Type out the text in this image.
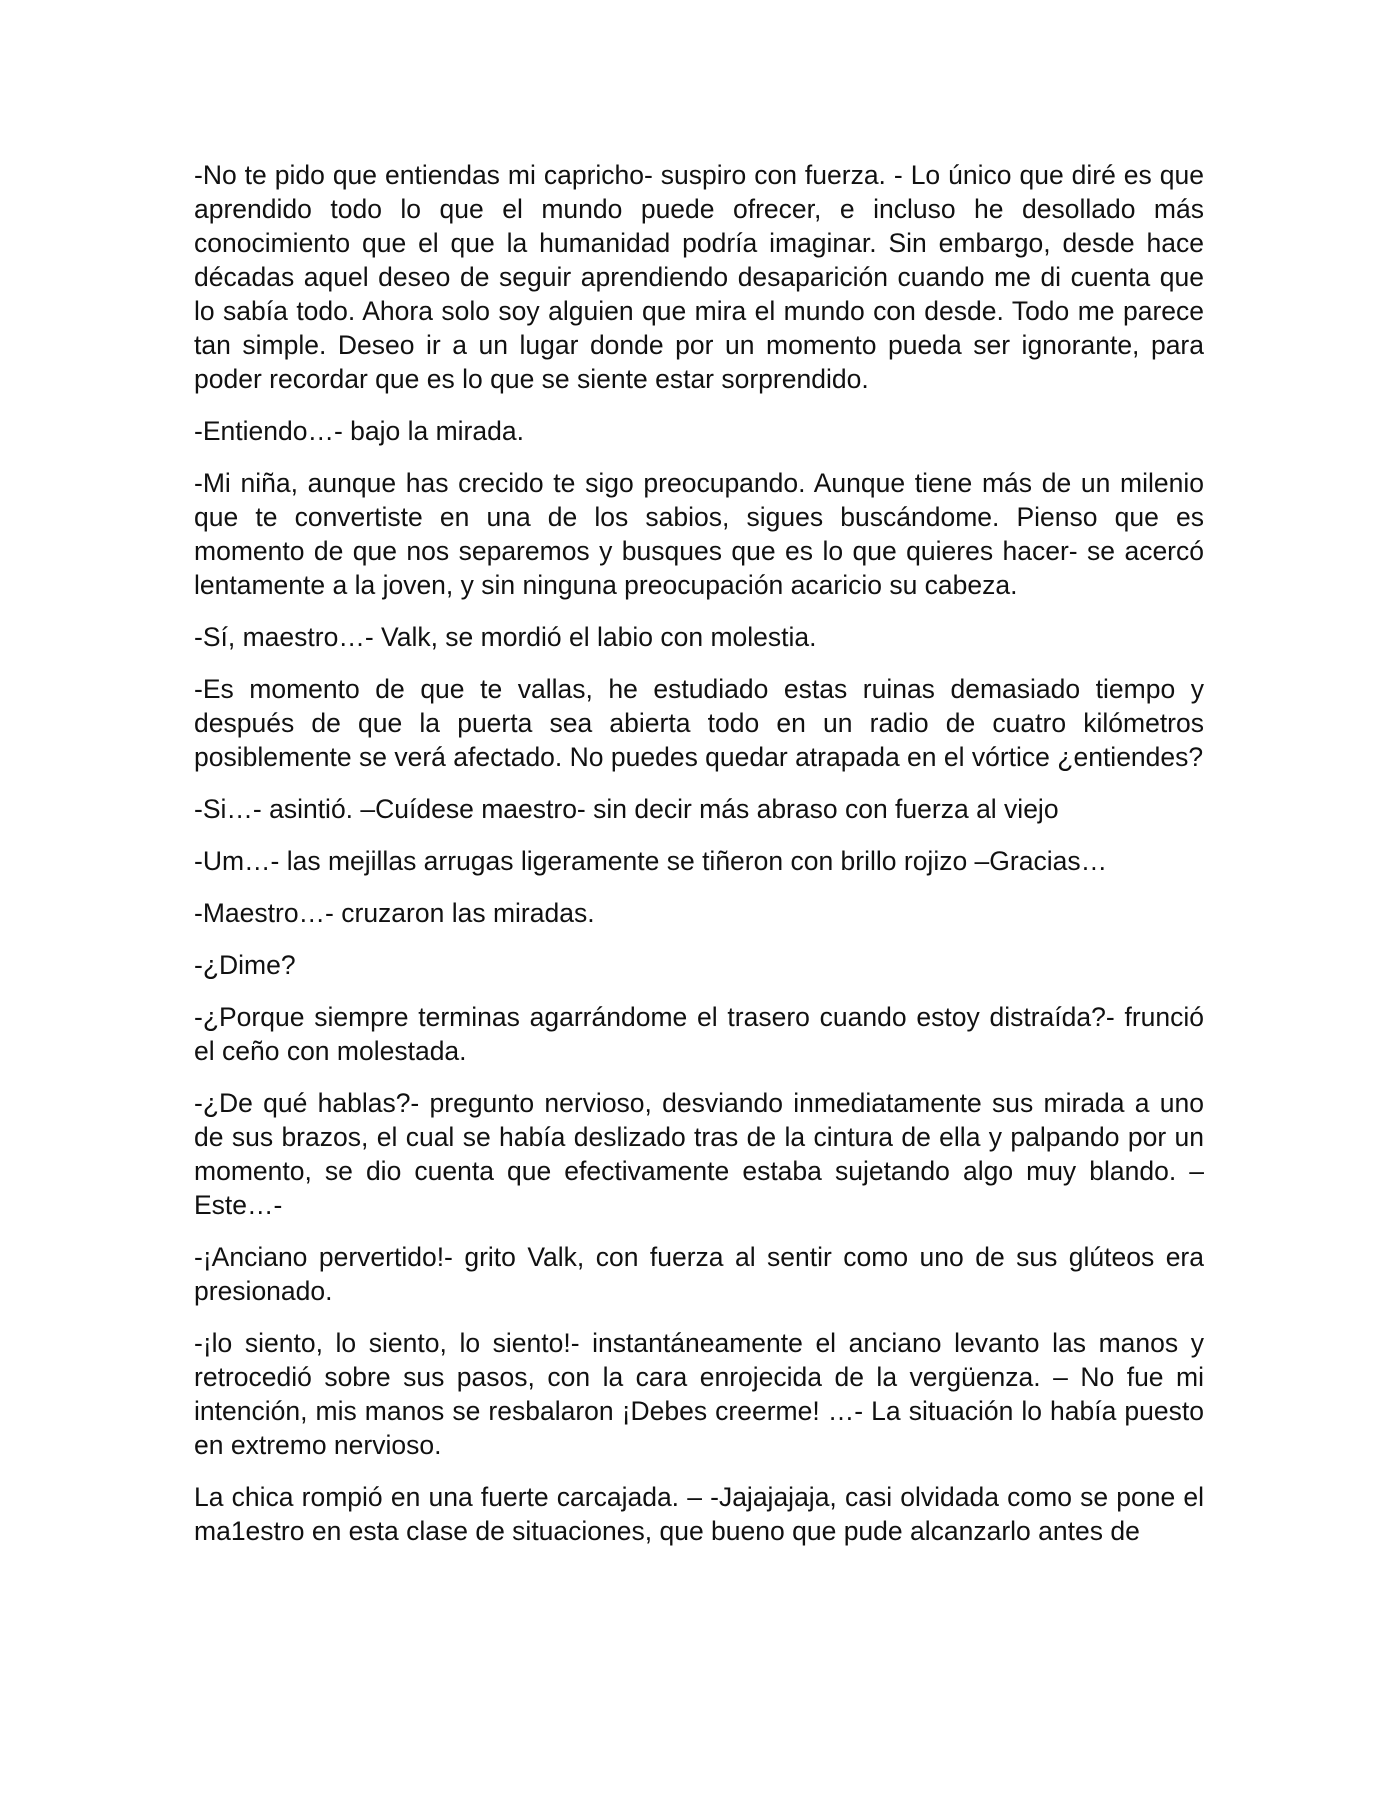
-No te pido que entiendas mi capricho- suspiro con fuerza. - Lo único que diré es que aprendido todo lo que el mundo puede ofrecer, e incluso he desollado más conocimiento que el que la humanidad podría imaginar. Sin embargo, desde hace décadas aquel deseo de seguir aprendiendo desaparición cuando me di cuenta que lo sabía todo. Ahora solo soy alguien que mira el mundo con desde. Todo me parece tan simple. Deseo ir a un lugar donde por un momento pueda ser ignorante, para poder recordar que es lo que se siente estar sorprendido.

-Entiendo…- bajo la mirada.

-Mi niña, aunque has crecido te sigo preocupando. Aunque tiene más de un milenio que te convertiste en una de los sabios, sigues buscándome. Pienso que es momento de que nos separemos y busques que es lo que quieres hacer- se acercó lentamente a la joven, y sin ninguna preocupación acaricio su cabeza.

-Sí, maestro…- Valk, se mordió el labio con molestia.

-Es momento de que te vallas, he estudiado estas ruinas demasiado tiempo y después de que la puerta sea abierta todo en un radio de cuatro kilómetros posiblemente se verá afectado. No puedes quedar atrapada en el vórtice ¿entiendes?

-Si…- asintió. –Cuídese maestro- sin decir más abraso con fuerza al viejo

-Um…- las mejillas arrugas ligeramente se tiñeron con brillo rojizo –Gracias…

-Maestro…- cruzaron las miradas.

-¿Dime?

-¿Porque siempre terminas agarrándome el trasero cuando estoy distraída?- frunció el ceño con molestada.

-¿De qué hablas?- pregunto nervioso, desviando inmediatamente sus mirada a uno de sus brazos, el cual se había deslizado tras de la cintura de ella y palpando por un momento, se dio cuenta que efectivamente estaba sujetando algo muy blando. – Este…-

-¡Anciano pervertido!- grito Valk, con fuerza al sentir como uno de sus glúteos era presionado.

-¡lo siento, lo siento, lo siento!- instantáneamente el anciano levanto las manos y retrocedió sobre sus pasos, con la cara enrojecida de la vergüenza. – No fue mi intención, mis manos se resbalaron ¡Debes creerme! …- La situación lo había puesto en extremo nervioso.

La chica rompió en una fuerte carcajada. – -Jajajajaja, casi olvidada como se pone el ma1estro en esta clase de situaciones, que bueno que pude alcanzarlo antes de
